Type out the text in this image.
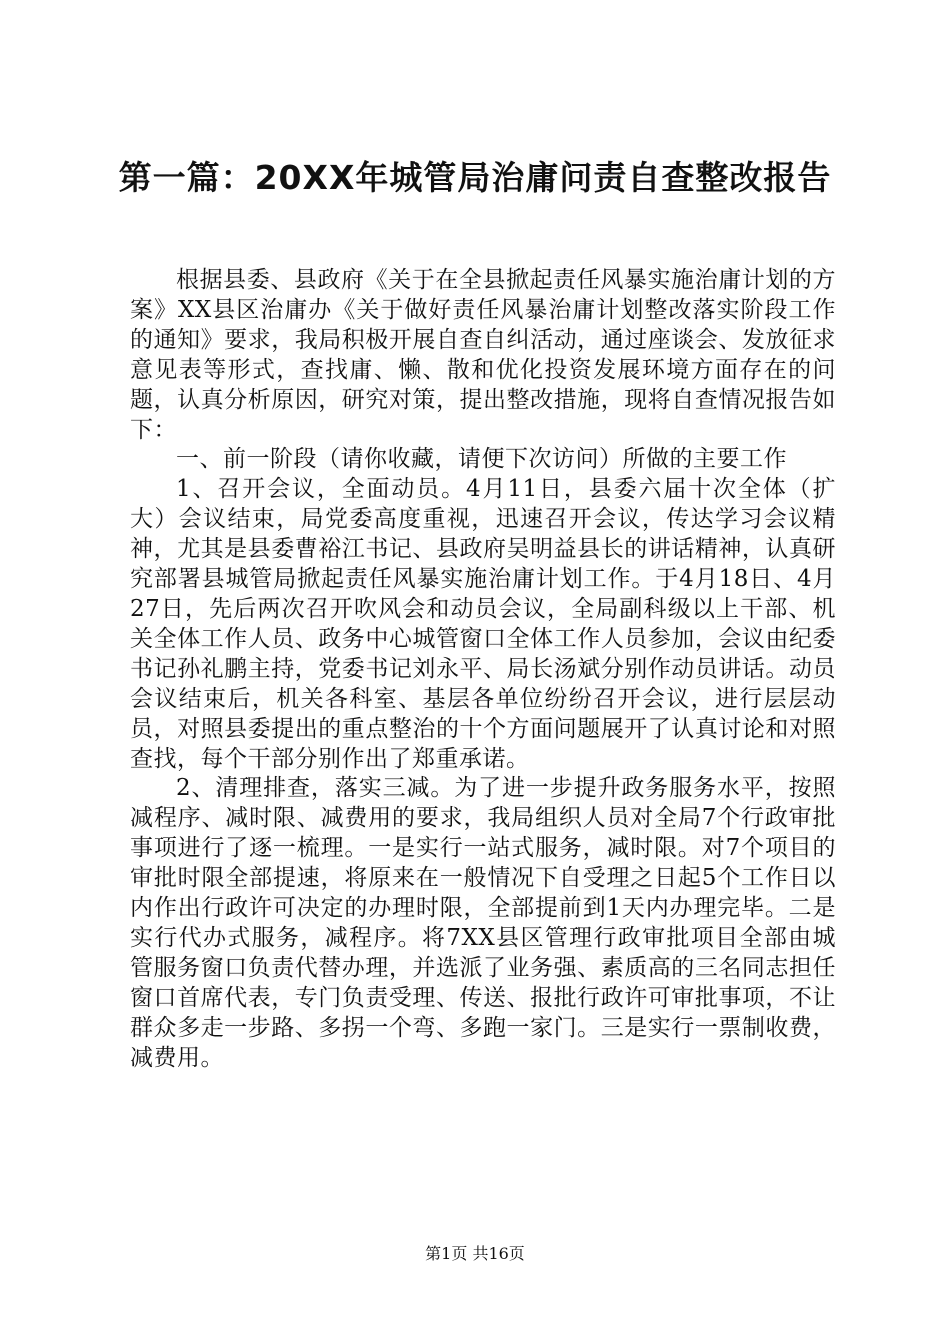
第一篇：20XX年城管局治庸问责自查整改报告

根据县委、县政府《关于在全县掀起责任风暴实施治庸计划的方案》XX县区治庸办《关于做好责任风暴治庸计划整改落实阶段工作的通知》要求，我局积极开展自查自纠活动，通过座谈会、发放征求意见表等形式，查找庸、懒、散和优化投资发展环境方面存在的问题，认真分析原因，研究对策，提出整改措施，现将自查情况报告如下：

一、前一阶段（请你收藏，请便下次访问）所做的主要工作

1、召开会议，全面动员。4月11日，县委六届十次全体（扩大）会议结束，局党委高度重视，迅速召开会议，传达学习会议精神，尤其是县委曹裕江书记、县政府吴明益县长的讲话精神，认真研究部署县城管局掀起责任风暴实施治庸计划工作。于4月18日、4月27日，先后两次召开吹风会和动员会议，全局副科级以上干部、机关全体工作人员、政务中心城管窗口全体工作人员参加，会议由纪委书记孙礼鹏主持，党委书记刘永平、局长汤斌分别作动员讲话。动员会议结束后，机关各科室、基层各单位纷纷召开会议，进行层层动员，对照县委提出的重点整治的十个方面问题展开了认真讨论和对照查找，每个干部分别作出了郑重承诺。

2、清理排查，落实三减。为了进一步提升政务服务水平，按照减程序、减时限、减费用的要求，我局组织人员对全局7个行政审批事项进行了逐一梳理。一是实行一站式服务，减时限。对7个项目的审批时限全部提速，将原来在一般情况下自受理之日起5个工作日以内作出行政许可决定的办理时限，全部提前到1天内办理完毕。二是实行代办式服务，减程序。将7XX县区管理行政审批项目全部由城管服务窗口负责代替办理，并选派了业务强、素质高的三名同志担任窗口首席代表，专门负责受理、传送、报批行政许可审批事项，不让群众多走一步路、多拐一个弯、多跑一家门。三是实行一票制收费，减费用。

第1页 共16页
